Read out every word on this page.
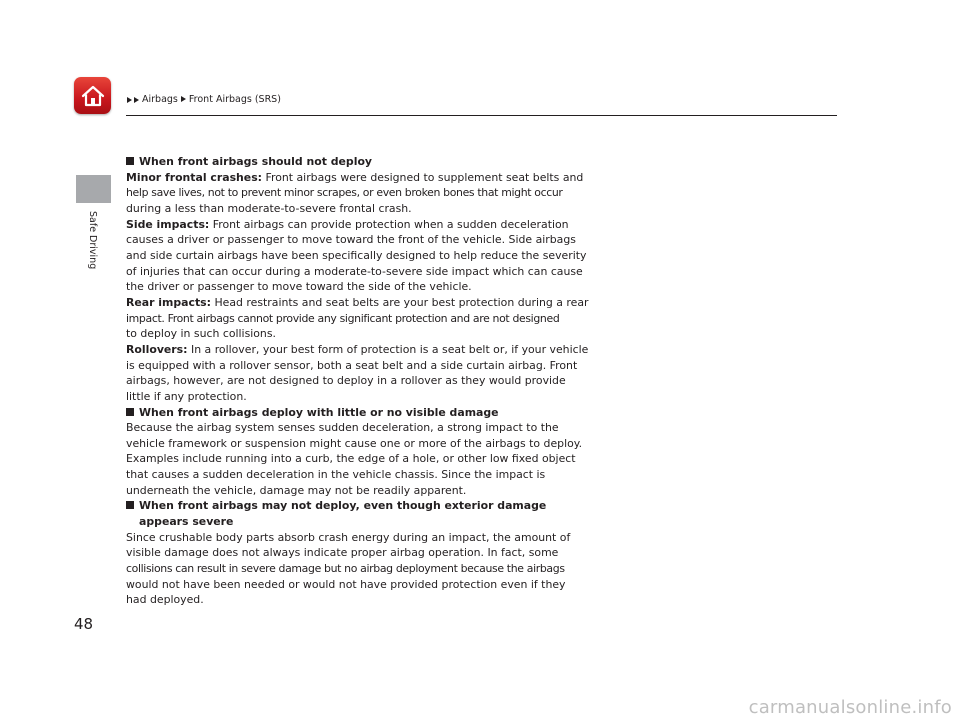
Airbags Front Airbags (SRS)
Safe Driving

When front airbags should not deploy

Minor frontal crashes: Front airbags were designed to supplement seat belts and
help save lives, not to prevent minor scrapes, or even broken bones that might occur
during a less than moderate-to-severe frontal crash.

Side impacts: Front airbags can provide protection when a sudden deceleration
causes a driver or passenger to move toward the front of the vehicle. Side airbags
and side curtain airbags have been specifically designed to help reduce the severity
of injuries that can occur during a moderate-to-severe side impact which can cause
the driver or passenger to move toward the side of the vehicle.

Rear impacts: Head restraints and seat belts are your best protection during a rear
impact. Front airbags cannot provide any significant protection and are not designed
to deploy in such collisions.

Rollovers: In a rollover, your best form of protection is a seat belt or, if your vehicle
is equipped with a rollover sensor, both a seat belt and a side curtain airbag. Front
airbags, however, are not designed to deploy in a rollover as they would provide
little if any protection.

When front airbags deploy with little or no visible damage

Because the airbag system senses sudden deceleration, a strong impact to the
vehicle framework or suspension might cause one or more of the airbags to deploy.
Examples include running into a curb, the edge of a hole, or other low fixed object
that causes a sudden deceleration in the vehicle chassis. Since the impact is
underneath the vehicle, damage may not be readily apparent.

When front airbags may not deploy, even though exterior damage
appears severe

Since crushable body parts absorb crash energy during an impact, the amount of
visible damage does not always indicate proper airbag operation. In fact, some
collisions can result in severe damage but no airbag deployment because the airbags
would not have been needed or would not have provided protection even if they
had deployed.

48
carmanualsonline.info
